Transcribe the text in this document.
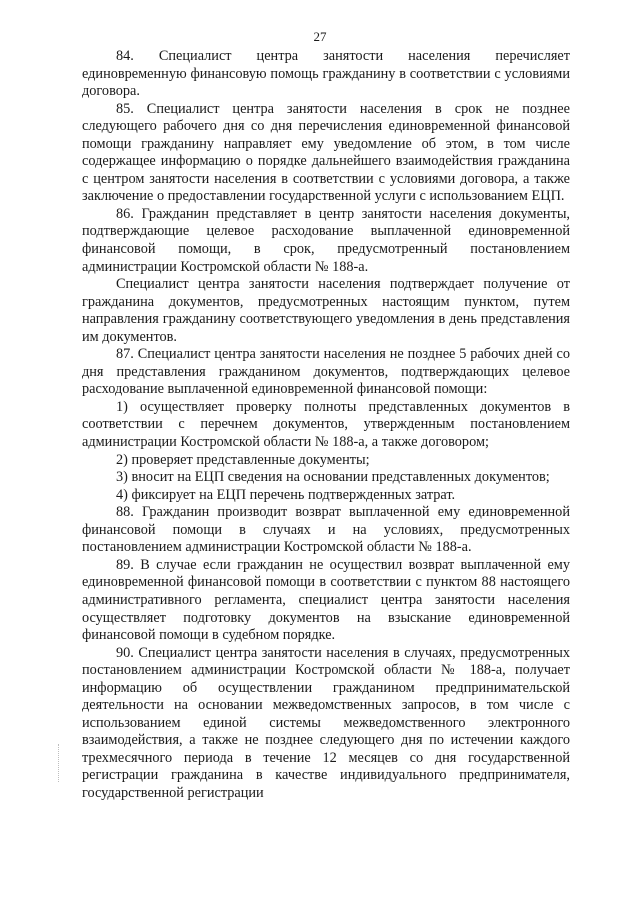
27

84. Специалист центра занятости населения перечисляет единовременную финансовую помощь гражданину в соответствии с условиями договора.

85. Специалист центра занятости населения в срок не позднее следующего рабочего дня со дня перечисления единовременной финансовой помощи гражданину направляет ему уведомление об этом, в том числе содержащее информацию о порядке дальнейшего взаимодействия гражданина с центром занятости населения в соответствии с условиями договора, а также заключение о предоставлении государственной услуги с использованием ЕЦП.

86. Гражданин представляет в центр занятости населения документы, подтверждающие целевое расходование выплаченной единовременной финансовой помощи, в срок, предусмотренный постановлением администрации Костромской области № 188-а.

Специалист центра занятости населения подтверждает получение от гражданина документов, предусмотренных настоящим пунктом, путем направления гражданину соответствующего уведомления в день представления им документов.

87. Специалист центра занятости населения не позднее 5 рабочих дней со дня представления гражданином документов, подтверждающих целевое расходование выплаченной единовременной финансовой помощи:

1) осуществляет проверку полноты представленных документов в соответствии с перечнем документов, утвержденным постановлением администрации Костромской области № 188-а, а также договором;

2) проверяет представленные документы;

3) вносит на ЕЦП сведения на основании представленных документов;

4) фиксирует на ЕЦП перечень подтвержденных затрат.

88. Гражданин производит возврат выплаченной ему единовременной финансовой помощи в случаях и на условиях, предусмотренных постановлением администрации Костромской области № 188-а.

89. В случае если гражданин не осуществил возврат выплаченной ему единовременной финансовой помощи в соответствии с пунктом 88 настоящего административного регламента, специалист центра занятости населения осуществляет подготовку документов на взыскание единовременной финансовой помощи в судебном порядке.

90. Специалист центра занятости населения в случаях, предусмотренных постановлением администрации Костромской области № 188-а, получает информацию об осуществлении гражданином предпринимательской деятельности на основании межведомственных запросов, в том числе с использованием единой системы межведомственного электронного взаимодействия, а также не позднее следующего дня по истечении каждого трехмесячного периода в течение 12 месяцев со дня государственной регистрации гражданина в качестве индивидуального предпринимателя, государственной регистрации
